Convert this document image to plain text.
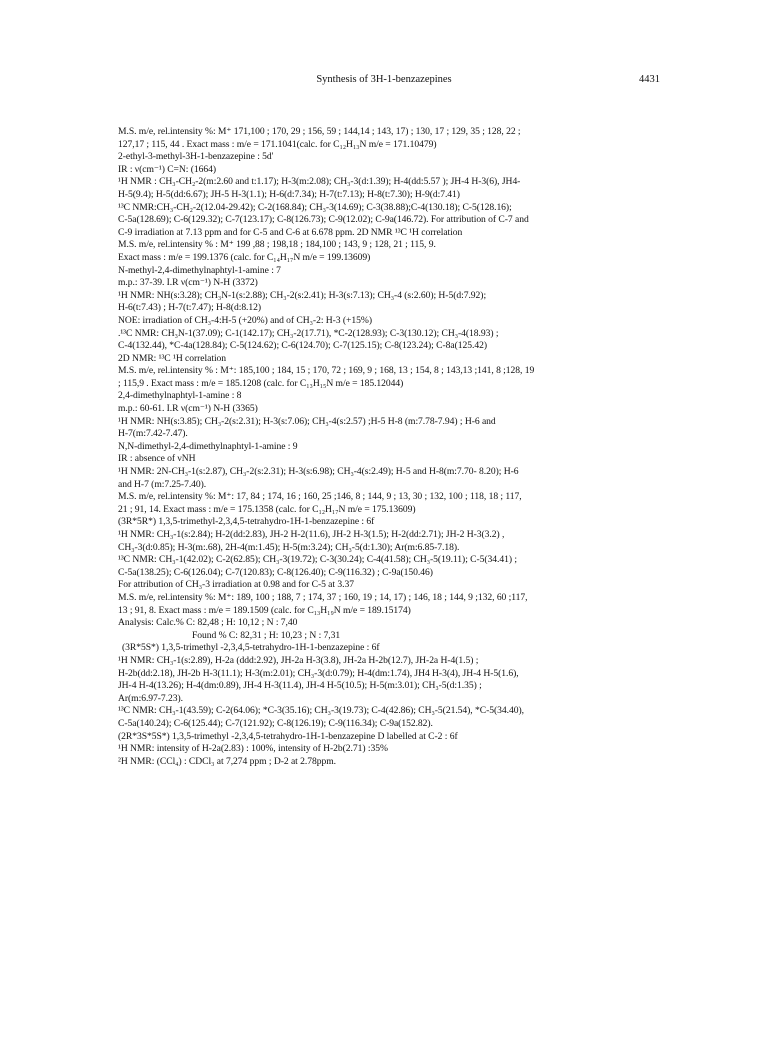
Synthesis of 3H-1-benzazepines	4431

M.S. m/e, rel.intensity %: M⁺ 171,100 ; 170, 29 ; 156, 59 ; 144,14 ; 143, 17) ; 130, 17 ; 129, 35 ; 128, 22 ;

127,17 ; 115, 44 . Exact mass : m/e = 171.1041(calc. for C₁₂H₁₃N m/e = 171.10479)

2-ethyl-3-methyl-3H-1-benzazepine : 5d'

IR : ν(cm⁻¹) C=N: (1664)

¹H NMR : CH₃-CH₂-2(m:2.60 and t:1.17); H-3(m:2.08); CH₃-3(d:1.39); H-4(dd:5.57 ); JH-4 H-3(6), JH4-

H-5(9.4); H-5(dd:6.67); JH-5 H-3(1.1); H-6(d:7.34); H-7(t:7.13); H-8(t:7.30); H-9(d:7.41)

¹³C NMR:CH₃-CH₂-2(12.04-29.42); C-2(168.84); CH₃-3(14.69); C-3(38.88);C-4(130.18); C-5(128.16);

C-5a(128.69); C-6(129.32); C-7(123.17); C-8(126.73); C-9(12.02); C-9a(146.72). For attribution of C-7 and

C-9 irradiation at 7.13 ppm and for C-5 and C-6 at 6.678 ppm. 2D NMR ¹³C ¹H correlation

M.S. m/e, rel.intensity % : M⁺ 199 ,88 ; 198,18 ; 184,100 ; 143, 9 ; 128, 21 ; 115, 9.

Exact mass : m/e = 199.1376 (calc. for C₁₄H₁₇N m/e = 199.13609)

N-methyl-2,4-dimethylnaphtyl-1-amine : 7

m.p.: 37-39. I.R ν(cm⁻¹) N-H (3372)

¹H NMR: NH(s:3.28); CH₃N-1(s:2.88); CH₃-2(s:2.41); H-3(s:7.13); CH₃-4 (s:2.60); H-5(d:7.92);

H-6(t:7.43) ; H-7(t:7.47); H-8(d:8.12)

NOE: irradiation of CH₃-4:H-5 (+20%) and of CH₃-2: H-3 (+15%)

.¹³C NMR: CH₃N-1(37.09); C-1(142.17); CH₃-2(17.71), *C-2(128.93); C-3(130.12); CH₃-4(18.93) ;

C-4(132.44), *C-4a(128.84); C-5(124.62); C-6(124.70); C-7(125.15); C-8(123.24); C-8a(125.42)

2D NMR: ¹³C ¹H correlation

M.S. m/e, rel.intensity % : M⁺: 185,100 ; 184, 15 ; 170, 72 ; 169, 9 ; 168, 13 ; 154, 8 ; 143,13 ;141, 8 ;128, 19

; 115,9 . Exact mass : m/e = 185.1208 (calc. for C₁₃H₁₅N m/e = 185.12044)

2,4-dimethylnaphtyl-1-amine : 8

m.p.: 60-61. I.R ν(cm⁻¹) N-H (3365)

¹H NMR: NH(s:3.85); CH₃-2(s:2.31); H-3(s:7.06); CH₃-4(s:2.57) ;H-5 H-8 (m:7.78-7.94) ; H-6 and

H-7(m:7.42-7.47).

N,N-dimethyl-2,4-dimethylnaphtyl-1-amine : 9

IR : absence of νNH

¹H NMR: 2N-CH₃-1(s:2.87), CH₃-2(s:2.31); H-3(s:6.98); CH₃-4(s:2.49); H-5 and H-8(m:7.70- 8.20); H-6

and H-7 (m:7.25-7.40).

M.S. m/e, rel.intensity %: M⁺: 17, 84 ; 174, 16 ; 160, 25 ;146, 8 ; 144, 9 ; 13, 30 ; 132, 100 ; 118, 18 ; 117,

21 ; 91, 14. Exact mass : m/e = 175.1358 (calc. for C₁₂H₁₇N m/e = 175.13609)

(3R*5R*) 1,3,5-trimethyl-2,3,4,5-tetrahydro-1H-1-benzazepine : 6f

¹H NMR: CH₃-1(s:2.84); H-2(dd:2.83), JH-2 H-2(11.6), JH-2 H-3(1.5); H-2(dd:2.71); JH-2 H-3(3.2) ,

CH₃-3(d:0.85); H-3(m:.68), 2H-4(m:1.45); H-5(m:3.24); CH₃-5(d:1.30); Ar(m:6.85-7.18).

¹³C NMR: CH₃-1(42.02); C-2(62.85); CH₃-3(19.72); C-3(30.24); C-4(41.58); CH₃-5(19.11); C-5(34.41) ;

C-5a(138.25); C-6(126.04); C-7(120.83); C-8(126.40); C-9(116.32) ; C-9a(150.46)

For attribution of CH₃-3 irradiation at 0.98 and for C-5 at 3.37

M.S. m/e, rel.intensity %: M⁺: 189, 100 ; 188, 7 ; 174, 37 ; 160, 19 ; 14, 17) ; 146, 18 ; 144, 9 ;132, 60 ;117,

13 ; 91, 8. Exact mass : m/e = 189.1509 (calc. for C₁₃H₁₉N m/e = 189.15174)

Analysis: Calc.% C: 82,48 ; H: 10,12 ; N : 7,40

Found % C: 82,31 ; H: 10,23 ; N : 7,31

(3R*5S*) 1,3,5-trimethyl -2,3,4,5-tetrahydro-1H-1-benzazepine : 6f

¹H NMR: CH₃-1(s:2.89), H-2a (ddd:2.92), JH-2a H-3(3.8), JH-2a H-2b(12.7), JH-2a H-4(1.5) ;

H-2b(dd:2.18), JH-2b H-3(11.1); H-3(m:2.01); CH₃-3(d:0.79); H-4(dm:1.74), JH4 H-3(4), JH-4 H-5(1.6),

JH-4 H-4(13.26); H-4(dm:0.89), JH-4 H-3(11.4), JH-4 H-5(10.5); H-5(m:3.01); CH₃-5(d:1.35) ;

Ar(m:6.97-7.23).

¹³C NMR: CH₃-1(43.59); C-2(64.06); *C-3(35.16); CH₃-3(19.73); C-4(42.86); CH₃-5(21.54), *C-5(34.40),

C-5a(140.24); C-6(125.44); C-7(121.92); C-8(126.19); C-9(116.34); C-9a(152.82).

(2R*3S*5S*) 1,3,5-trimethyl -2,3,4,5-tetrahydro-1H-1-benzazepine D labelled at C-2 : 6f

¹H NMR: intensity of H-2a(2.83) : 100%, intensity of H-2b(2.71) :35%

²H NMR: (CCl₄) : CDCl₃ at 7,274 ppm ; D-2 at 2.78ppm.
